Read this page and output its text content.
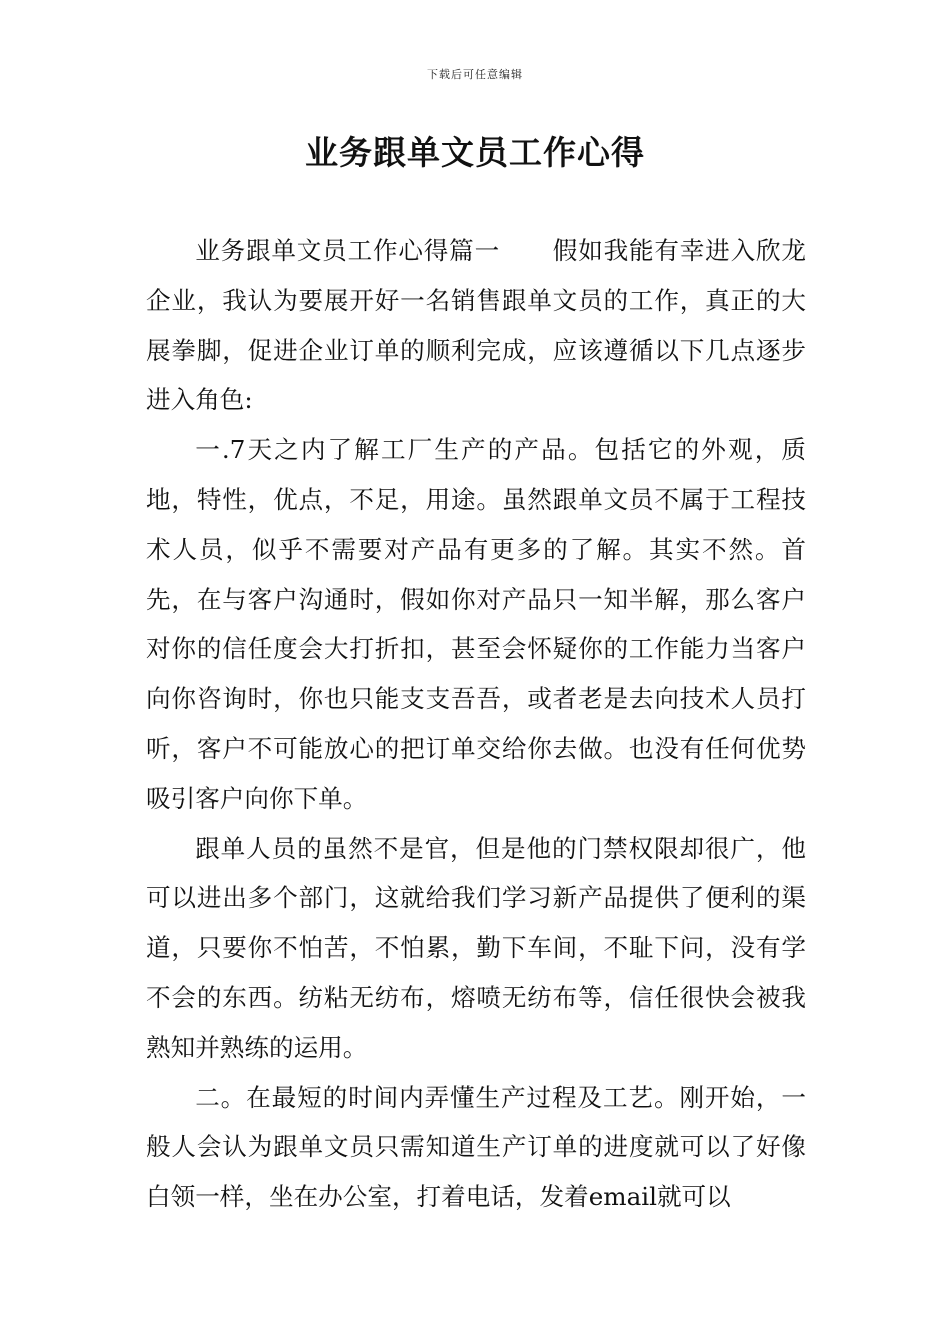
下载后可任意编辑
业务跟单文员工作心得

业务跟单文员工作心得篇一 假如我能有幸进入欣龙企业，我认为要展开好一名销售跟单文员的工作，真正的大展拳脚，促进企业订单的顺利完成，应该遵循以下几点逐步进入角色:

一.7天之内了解工厂生产的产品。包括它的外观，质地，特性，优点，不足，用途。虽然跟单文员不属于工程技术人员，似乎不需要对产品有更多的了解。其实不然。首先，在与客户沟通时，假如你对产品只一知半解，那么客户对你的信任度会大打折扣，甚至会怀疑你的工作能力当客户向你咨询时，你也只能支支吾吾，或者老是去向技术人员打听，客户不可能放心的把订单交给你去做。也没有任何优势吸引客户向你下单。

跟单人员的虽然不是官，但是他的门禁权限却很广，他可以进出多个部门，这就给我们学习新产品提供了便利的渠道，只要你不怕苦，不怕累，勤下车间，不耻下问，没有学不会的东西。纺粘无纺布，熔喷无纺布等，信任很快会被我熟知并熟练的运用。

二。在最短的时间内弄懂生产过程及工艺。刚开始，一般人会认为跟单文员只需知道生产订单的进度就可以了好像白领一样，坐在办公室，打着电话，发着email就可以
